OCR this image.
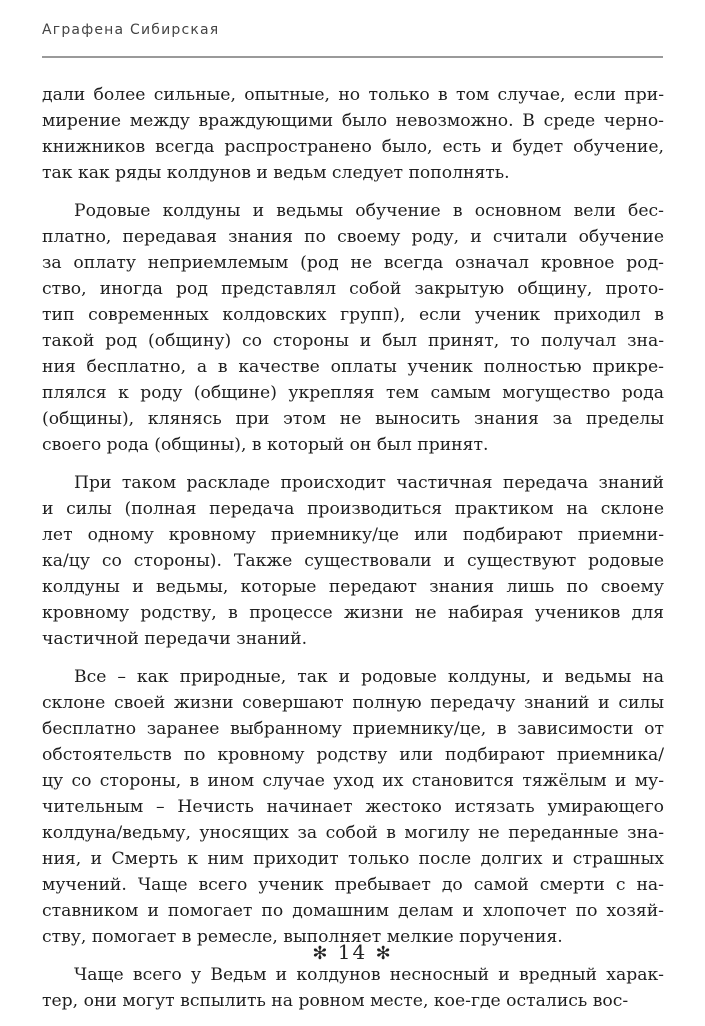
Аграфена Сибирская
дали более сильные, опытные, но только в том случае, если при-
мирение между враждующими было невозможно. В среде черно-
книжников всегда распространено было, есть и будет обучение,
так как ряды колдунов и ведьм следует пополнять.
Родовые колдуны и ведьмы обучение в основном вели бес-
платно, передавая знания по своему роду, и считали обучение
за оплату неприемлемым (род не всегда означал кровное род-
ство, иногда род представлял собой закрытую общину, прото-
тип современных колдовских групп), если ученик приходил в
такой род (общину) со стороны и был принят, то получал зна-
ния бесплатно, а в качестве оплаты ученик полностью прикре-
плялся к роду (общине) укрепляя тем самым могущество рода
(общины), клянясь при этом не выносить знания за пределы
своего рода (общины), в который он был принят.
При таком раскладе происходит частичная передача знаний
и силы (полная передача производиться практиком на склоне
лет одному кровному приемнику/це или подбирают приемни-
ка/цу со стороны). Также существовали и существуют родовые
колдуны и ведьмы, которые передают знания лишь по своему
кровному родству, в процессе жизни не набирая учеников для
частичной передачи знаний.
Все – как природные, так и родовые колдуны, и ведьмы на
склоне своей жизни совершают полную передачу знаний и силы
бесплатно заранее выбранному приемнику/це, в зависимости от
обстоятельств по кровному родству или подбирают приемника/
цу со стороны, в ином случае уход их становится тяжёлым и му-
чительным – Нечисть начинает жестоко истязать умирающего
колдуна/ведьму, уносящих за собой в могилу не переданные зна-
ния, и Смерть к ним приходит только после долгих и страшных
мучений. Чаще всего ученик пребывает до самой смерти с на-
ставником и помогает по домашним делам и хлопочет по хозяй-
ству, помогает в ремесле, выполняет мелкие поручения.
Чаще всего у Ведьм и колдунов несносный и вредный харак-
тер, они могут вспылить на ровном месте, кое-где остались вос-
✻ 14 ✻
